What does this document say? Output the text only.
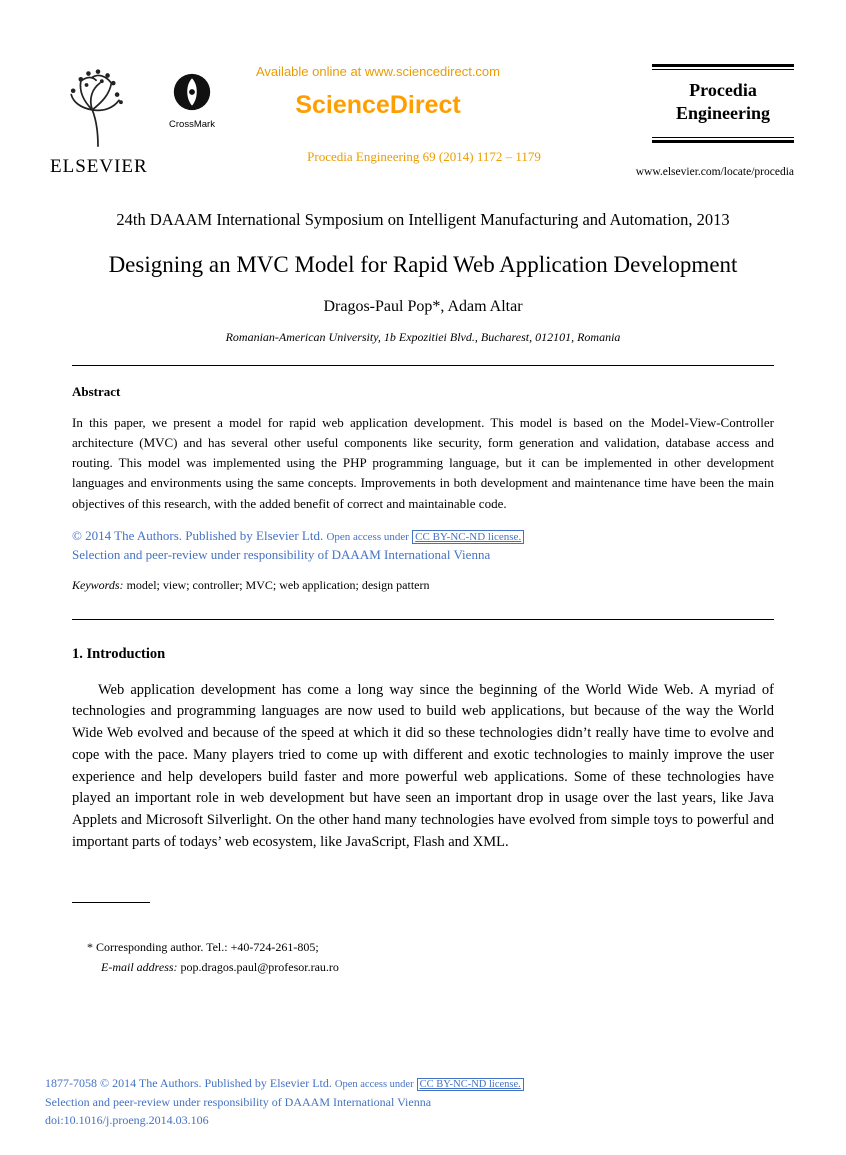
ELSEVIER
CrossMark
Available online at www.sciencedirect.com
ScienceDirect
Procedia Engineering 69 (2014) 1172 – 1179
Procedia
Engineering
www.elsevier.com/locate/procedia
24th DAAAM International Symposium on Intelligent Manufacturing and Automation, 2013
Designing an MVC Model for Rapid Web Application Development
Dragos-Paul Pop*, Adam Altar
Romanian-American University, 1b Expozitiei Blvd., Bucharest, 012101, Romania
Abstract

In this paper, we present a model for rapid web application development. This model is based on the Model-View-Controller architecture (MVC) and has several other useful components like security, form generation and validation, database access and routing. This model was implemented using the PHP programming language, but it can be implemented in other development languages and environments using the same concepts. Improvements in both development and maintenance time have been the main objectives of this research, with the added benefit of correct and maintainable code.

© 2014 The Authors. Published by Elsevier Ltd. Open access under CC BY-NC-ND license.
Selection and peer-review under responsibility of DAAAM International Vienna
Keywords: model; view; controller; MVC; web application; design pattern
1. Introduction

Web application development has come a long way since the beginning of the World Wide Web. A myriad of technologies and programming languages are now used to build web applications, but because of the way the World Wide Web evolved and because of the speed at which it did so these technologies didn’t really have time to evolve and cope with the pace. Many players tried to come up with different and exotic technologies to mainly improve the user experience and help developers build faster and more powerful web applications. Some of these technologies have played an important role in web development but have seen an important drop in usage over the last years, like Java Applets and Microsoft Silverlight. On the other hand many technologies have evolved from simple toys to powerful and important parts of todays’ web ecosystem, like JavaScript, Flash and XML.

* Corresponding author. Tel.: +40-724-261-805;
E-mail address: pop.dragos.paul@profesor.rau.ro
1877-7058 © 2014 The Authors. Published by Elsevier Ltd. Open access under CC BY-NC-ND license.
Selection and peer-review under responsibility of DAAAM International Vienna
doi:10.1016/j.proeng.2014.03.106
